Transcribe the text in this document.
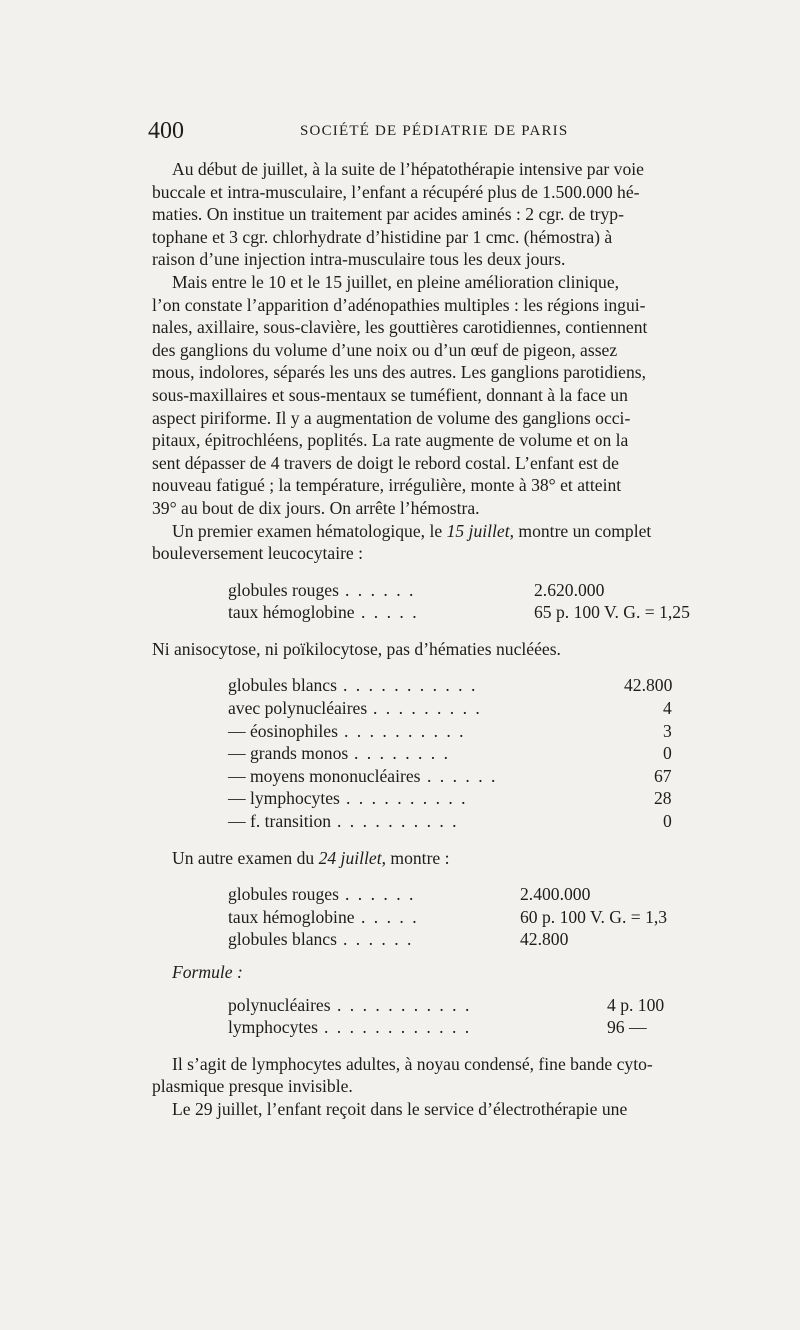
400	SOCIÉTÉ DE PÉDIATRIE DE PARIS
Au début de juillet, à la suite de l’hépatothérapie intensive par voie
buccale et intra-musculaire, l’enfant a récupéré plus de 1.500.000 hé-
maties. On institue un traitement par acides aminés : 2 cgr. de tryp-
tophane et 3 cgr. chlorhydrate d’histidine par 1 cmc. (hémostra) à
raison d’une injection intra-musculaire tous les deux jours.
Mais entre le 10 et le 15 juillet, en pleine amélioration clinique,
l’on constate l’apparition d’adénopathies multiples : les régions ingui-
nales, axillaire, sous-clavière, les gouttières carotidiennes, contiennent
des ganglions du volume d’une noix ou d’un œuf de pigeon, assez
mous, indolores, séparés les uns des autres. Les ganglions parotidiens,
sous-maxillaires et sous-mentaux se tuméfient, donnant à la face un
aspect piriforme. Il y a augmentation de volume des ganglions occi-
pitaux, épitrochléens, poplités. La rate augmente de volume et on la
sent dépasser de 4 travers de doigt le rebord costal. L’enfant est de
nouveau fatigué ; la température, irrégulière, monte à 38° et atteint
39° au bout de dix jours. On arrête l’hémostra.
Un premier examen hématologique, le 15 juillet, montre un complet
bouleversement leucocytaire :
globules rouges . . . . . .	2.620.000
taux hémoglobine . . . . .	65 p. 100 V. G. = 1,25
Ni anisocytose, ni poïkilocytose, pas d’hématies nucléées.
globules blancs . . . . . . . . . . .	42.800
avec polynucléaires . . . . . . . . .	4
— éosinophiles . . . . . . . . . .	3
— grands monos . . . . . . . .	0
— moyens mononucléaires . . . . . .	67
— lymphocytes . . . . . . . . . .	28
— f. transition . . . . . . . . . .	0
Un autre examen du 24 juillet, montre :
globules rouges . . . . . .	2.400.000
taux hémoglobine . . . . .	60 p. 100 V. G. = 1,3
globules blancs . . . . . .	42.800
Formule :
polynucléaires . . . . . . . . . . .	4 p. 100
lymphocytes . . . . . . . . . . . .	96 —
Il s’agit de lymphocytes adultes, à noyau condensé, fine bande cyto-
plasmique presque invisible.
Le 29 juillet, l’enfant reçoit dans le service d’électrothérapie une
